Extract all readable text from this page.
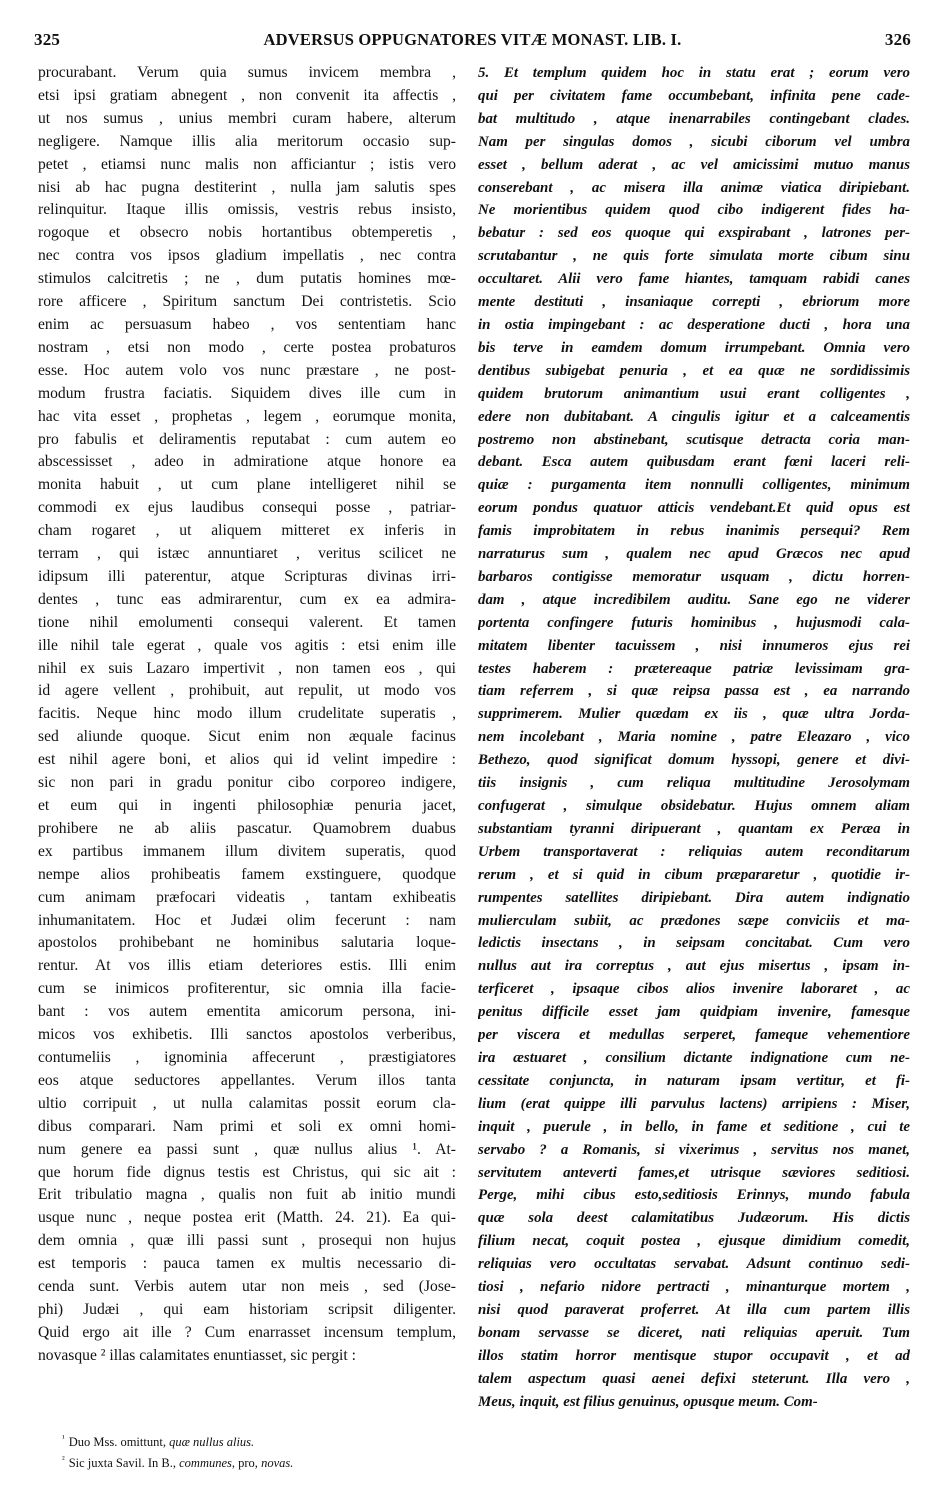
325	ADVERSUS OPPUGNATORES VITÆ MONAST. LIB. I.	326
procurabant. Verum quia sumus invicem membra ,
etsi ipsi gratiam abnegent , non convenit ita affectis ,
ut nos sumus , unius membri curam habere, alterum
negligere. Namque illis alia meritorum occasio sup-
petet , etiamsi nunc malis non afficiantur ; istis vero
nisi ab hac pugna destiterint , nulla jam salutis spes
relinquitur. Itaque illis omissis, vestris rebus insisto,
rogoque et obsecro nobis hortantibus obtemperetis ,
nec contra vos ipsos gladium impellatis , nec contra
stimulos calcitretis ; ne , dum putatis homines mœ-
rore afficere , Spiritum sanctum Dei contristetis. Scio
enim ac persuasum habeo , vos sententiam hanc
nostram , etsi non modo , certe postea probaturos
esse. Hoc autem volo vos nunc præstare , ne post-
modum frustra faciatis. Siquidem dives ille cum in
hac vita esset , prophetas , legem , eorumque monita,
pro fabulis et deliramentis reputabat : cum autem eo
abscessisset , adeo in admiratione atque honore ea
monita habuit , ut cum plane intelligeret nihil se
commodi ex ejus laudibus consequi posse , patriar-
cham rogaret , ut aliquem mitteret ex inferis in
terram , qui istæc annuntiaret , veritus scilicet ne
idipsum illi paterentur, atque Scripturas divinas irri-
dentes , tunc eas admirarentur, cum ex ea admira-
tione nihil emolumenti consequi valerent. Et tamen
ille nihil tale egerat , quale vos agitis : etsi enim ille
nihil ex suis Lazaro impertivit , non tamen eos , qui
id agere vellent , prohibuit, aut repulit, ut modo vos
facitis. Neque hinc modo illum crudelitate superatis ,
sed aliunde quoque. Sicut enim non æquale facinus
est nihil agere boni, et alios qui id velint impedire :
sic non pari in gradu ponitur cibo corporeo indigere,
et eum qui in ingenti philosophiæ penuria jacet,
prohibere ne ab aliis pascatur. Quamobrem duabus
ex partibus immanem illum divitem superatis, quod
nempe alios prohibeatis famem exstinguere, quodque
cum animam præfocari videatis , tantam exhibeatis
inhumanitatem. Hoc et Judæi olim fecerunt : nam
apostolos prohibebant ne hominibus salutaria loque-
rentur. At vos illis etiam deteriores estis. Illi enim
cum se inimicos profiterentur, sic omnia illa facie-
bant : vos autem ementita amicorum persona, ini-
micos vos exhibetis. Illi sanctos apostolos verberibus,
contumeliis , ignominia affecerunt , præstigiatores
eos atque seductores appellantes. Verum illos tanta
ultio corripuit , ut nulla calamitas possit eorum cla-
dibus comparari. Nam primi et soli ex omni homi-
num genere ea passi sunt , quæ nullus alius ¹. At-
que horum fide dignus testis est Christus, qui sic ait :
Erit tribulatio magna , qualis non fuit ab initio mundi
usque nunc , neque postea erit (Matth. 24. 21). Ea qui-
dem omnia , quæ illi passi sunt , prosequi non hujus
est temporis : pauca tamen ex multis necessario di-
cenda sunt. Verbis autem utar non meis , sed (Jose-
phi) Judæi , qui eam historiam scripsit diligenter.
Quid ergo ait ille ? Cum enarrasset incensum templum,
novasque ² illas calamitates enuntiasset, sic pergit :
5. Et templum quidem hoc in statu erat ; eorum vero
qui per civitatem fame occumbebant, infinita pene cade-
bat multitudo , atque inenarrabiles contingebant clades.
Nam per singulas domos , sicubi ciborum vel umbra
esset , bellum aderat , ac vel amicissimi mutuo manus
conserebant , ac misera illa animæ viatica diripiebant.
Ne morientibus quidem quod cibo indigerent fides ha-
bebatur : sed eos quoque qui exspirabant , latrones per-
scrutabantur , ne quis forte simulata morte cibum sinu
occultaret. Alii vero fame hiantes, tamquam rabidi canes
mente destituti , insaniaque correpti , ebriorum more
in ostia impingebant : ac desperatione ducti , hora una
bis terve in eamdem domum irrumpebant. Omnia vero
dentibus subigebat penuria , et ea quæ ne sordidissimis
quidem brutorum animantium usui erant colligentes ,
edere non dubitabant. A cingulis igitur et a calceamentis
postremo non abstinebant, scutisque detracta coria man-
debant. Esca autem quibusdam erant fœni laceri reli-
quiæ : purgamenta item nonnulli colligentes, minimum
eorum pondus quatuor atticis vendebant.Et quid opus est
famis improbitatem in rebus inanimis persequi? Rem
narraturus sum , qualem nec apud Græcos nec apud
barbaros contigisse memoratur usquam , dictu horren-
dam , atque incredibilem auditu. Sane ego ne viderer
portenta confingere futuris hominibus , hujusmodi cala-
mitatem libenter tacuissem , nisi innumeros ejus rei
testes haberem : prætereaque patriæ levissimam gra-
tiam referrem , si quæ reipsa passa est , ea narrando
supprimerem. Mulier quædam ex iis , quæ ultra Jorda-
nem incolebant , Maria nomine , patre Eleazaro , vico
Bethezo, quod significat domum hyssopi, genere et divi-
tiis insignis , cum reliqua multitudine Jerosolymam
confugerat , simulque obsidebatur. Hujus omnem aliam
substantiam tyranni diripuerant , quantam ex Peræa in
Urbem transportaverat : reliquias autem reconditarum
rerum , et si quid in cibum præpararetur , quotidie ir-
rumpentes satellites diripiebant. Dira autem indignatio
mulierculam subiit, ac prædones sæpe conviciis et ma-
ledictis insectans , in seipsam concitabat. Cum vero
nullus aut ira correptus , aut ejus misertus , ipsam in-
terficeret , ipsaque cibos alios invenire laboraret , ac
penitus difficile esset jam quidpiam invenire, famesque
per viscera et medullas serperet, fameque vehementiore
ira æstuaret , consilium dictante indignatione cum ne-
cessitate conjuncta, in naturam ipsam vertitur, et fi-
lium (erat quippe illi parvulus lactens) arripiens : Miser,
inquit , puerule , in bello, in fame et seditione , cui te
servabo ? a Romanis, si vixerimus , servitus nos manet,
servitutem anteverti fames,et utrisque sæviores seditiosi.
Perge, mihi cibus esto,seditiosis Erinnys, mundo fabula
quæ sola deest calamitatibus Judæorum. His dictis
filium necat, coquit postea , ejusque dimidium comedit,
reliquias vero occultatas servabat. Adsunt continuo sedi-
tiosi , nefario nidore pertracti , minanturque mortem ,
nisi quod paraverat proferret. At illa cum partem illis
bonam servasse se diceret, nati reliquias aperuit. Tum
illos statim horror mentisque stupor occupavit , et ad
talem aspectum quasi aenei defixi steterunt. Illa vero ,
Meus, inquit, est filius genuinus, opusque meum. Com-
$^{^1}$ Duo Mss. omittunt, quæ nullus alius.
$^{^2}$ Sic juxta Savil. In B., communes, pro, novas.
